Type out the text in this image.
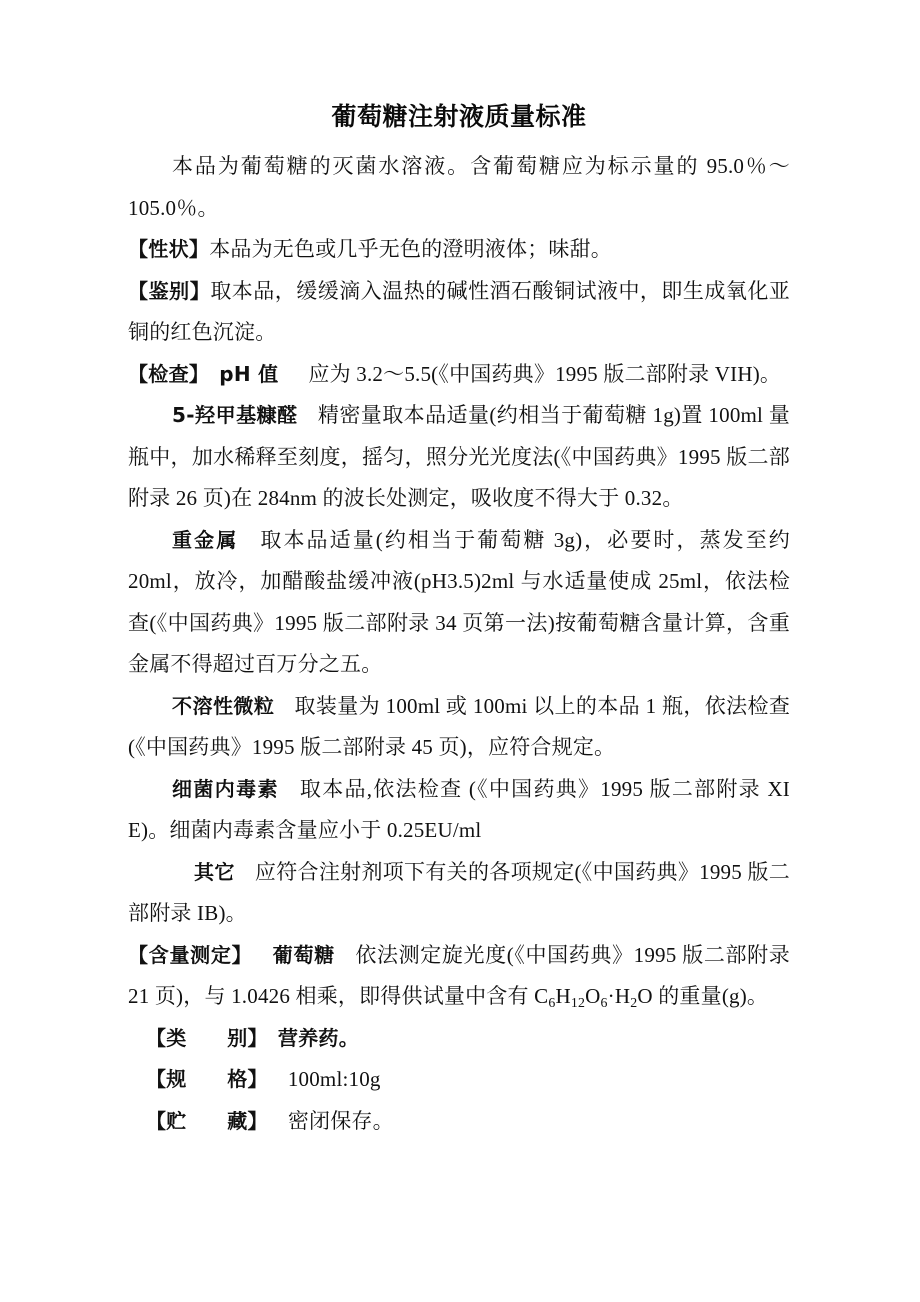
葡萄糖注射液质量标准

本品为葡萄糖的灭菌水溶液。含葡萄糖应为标示量的 95.0％～105.0％。

【性状】本品为无色或几乎无色的澄明液体；味甜。

【鉴别】取本品，缓缓滴入温热的碱性酒石酸铜试液中，即生成氧化亚铜的红色沉淀。

【检查】 pH 值 应为 3.2～5.5(《中国药典》1995 版二部附录 VIH)。

5-羟甲基糠醛 精密量取本品适量(约相当于葡萄糖 1g)置 100ml 量瓶中，加水稀释至刻度，摇匀，照分光光度法(《中国药典》1995 版二部附录 26 页)在 284nm 的波长处测定，吸收度不得大于 0.32。

重金属 取本品适量(约相当于葡萄糖 3g)，必要时，蒸发至约 20ml，放冷，加醋酸盐缓冲液(pH3.5)2ml 与水适量使成 25ml，依法检查(《中国药典》1995 版二部附录 34 页第一法)按葡萄糖含量计算，含重金属不得超过百万分之五。

不溶性微粒 取装量为 100ml 或 100mi 以上的本品 1 瓶，依法检查(《中国药典》1995 版二部附录 45 页)，应符合规定。

细菌内毒素 取本品,依法检查 (《中国药典》1995 版二部附录 XI E)。细菌内毒素含量应小于 0.25EU/ml

其它 应符合注射剂项下有关的各项规定(《中国药典》1995 版二部附录 IB)。

【含量测定】 葡萄糖 依法测定旋光度(《中国药典》1995 版二部附录 21 页)，与 1.0426 相乘，即得供试量中含有 $C_6H_{12}O_6\cdot H_2O$ 的重量(g)。

【类　　别】 营养药。

【规　　格】 100ml:10g

【贮　　藏】 密闭保存。
